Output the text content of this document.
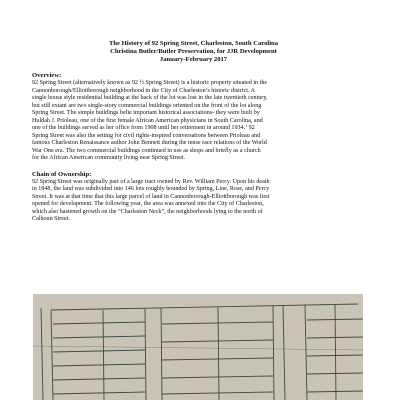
The History of 92 Spring Street, Charleston, South Carolina
Christina Butler/Butler Preservation, for JJR Development
January-February 2017
Overview:
92 Spring Street (alternatively known as 92 ½ Spring Street) is a historic property situated in the
Cannonborough/Elliottborough neighborhood in the City of Charleston’s historic district. A
single house style residential building at the back of the lot was lost in the late twentieth century,
but still extant are two single-story commercial buildings oriented on the front of the lot along
Spring Street. The simple buildings belie important historical associations- they were built by
Huldah J. Prioleau, one of the first female African American physicians in South Carolina, and
one of the buildings served as her office from 1908 until her retirement in around 1934.$^1$ 92
Spring Street was also the setting for civil rights-inspired conversations between Prioleau and
famous Charleston Renaissance author John Bennett during the tense race relations of the World
War One era. The two commercial buildings continued in use as shops and briefly as a church
for the African American community living near Spring Street.
Chain of Ownership:
92 Spring Street was originally part of a large tract owned by Rev. William Percy. Upon his death
in 1848, the land was subdivided into 146 lots roughly bounded by Spring, Line, Rose, and Percy
Street. It was at that time that this large parcel of land in Cannonborough-Elliottborough was first
opened for development. The following year, the area was annexed into the City of Charleston,
which also hastened growth on the “Charleston Neck”, the neighborhoods lying to the north of
Calhoun Street.
